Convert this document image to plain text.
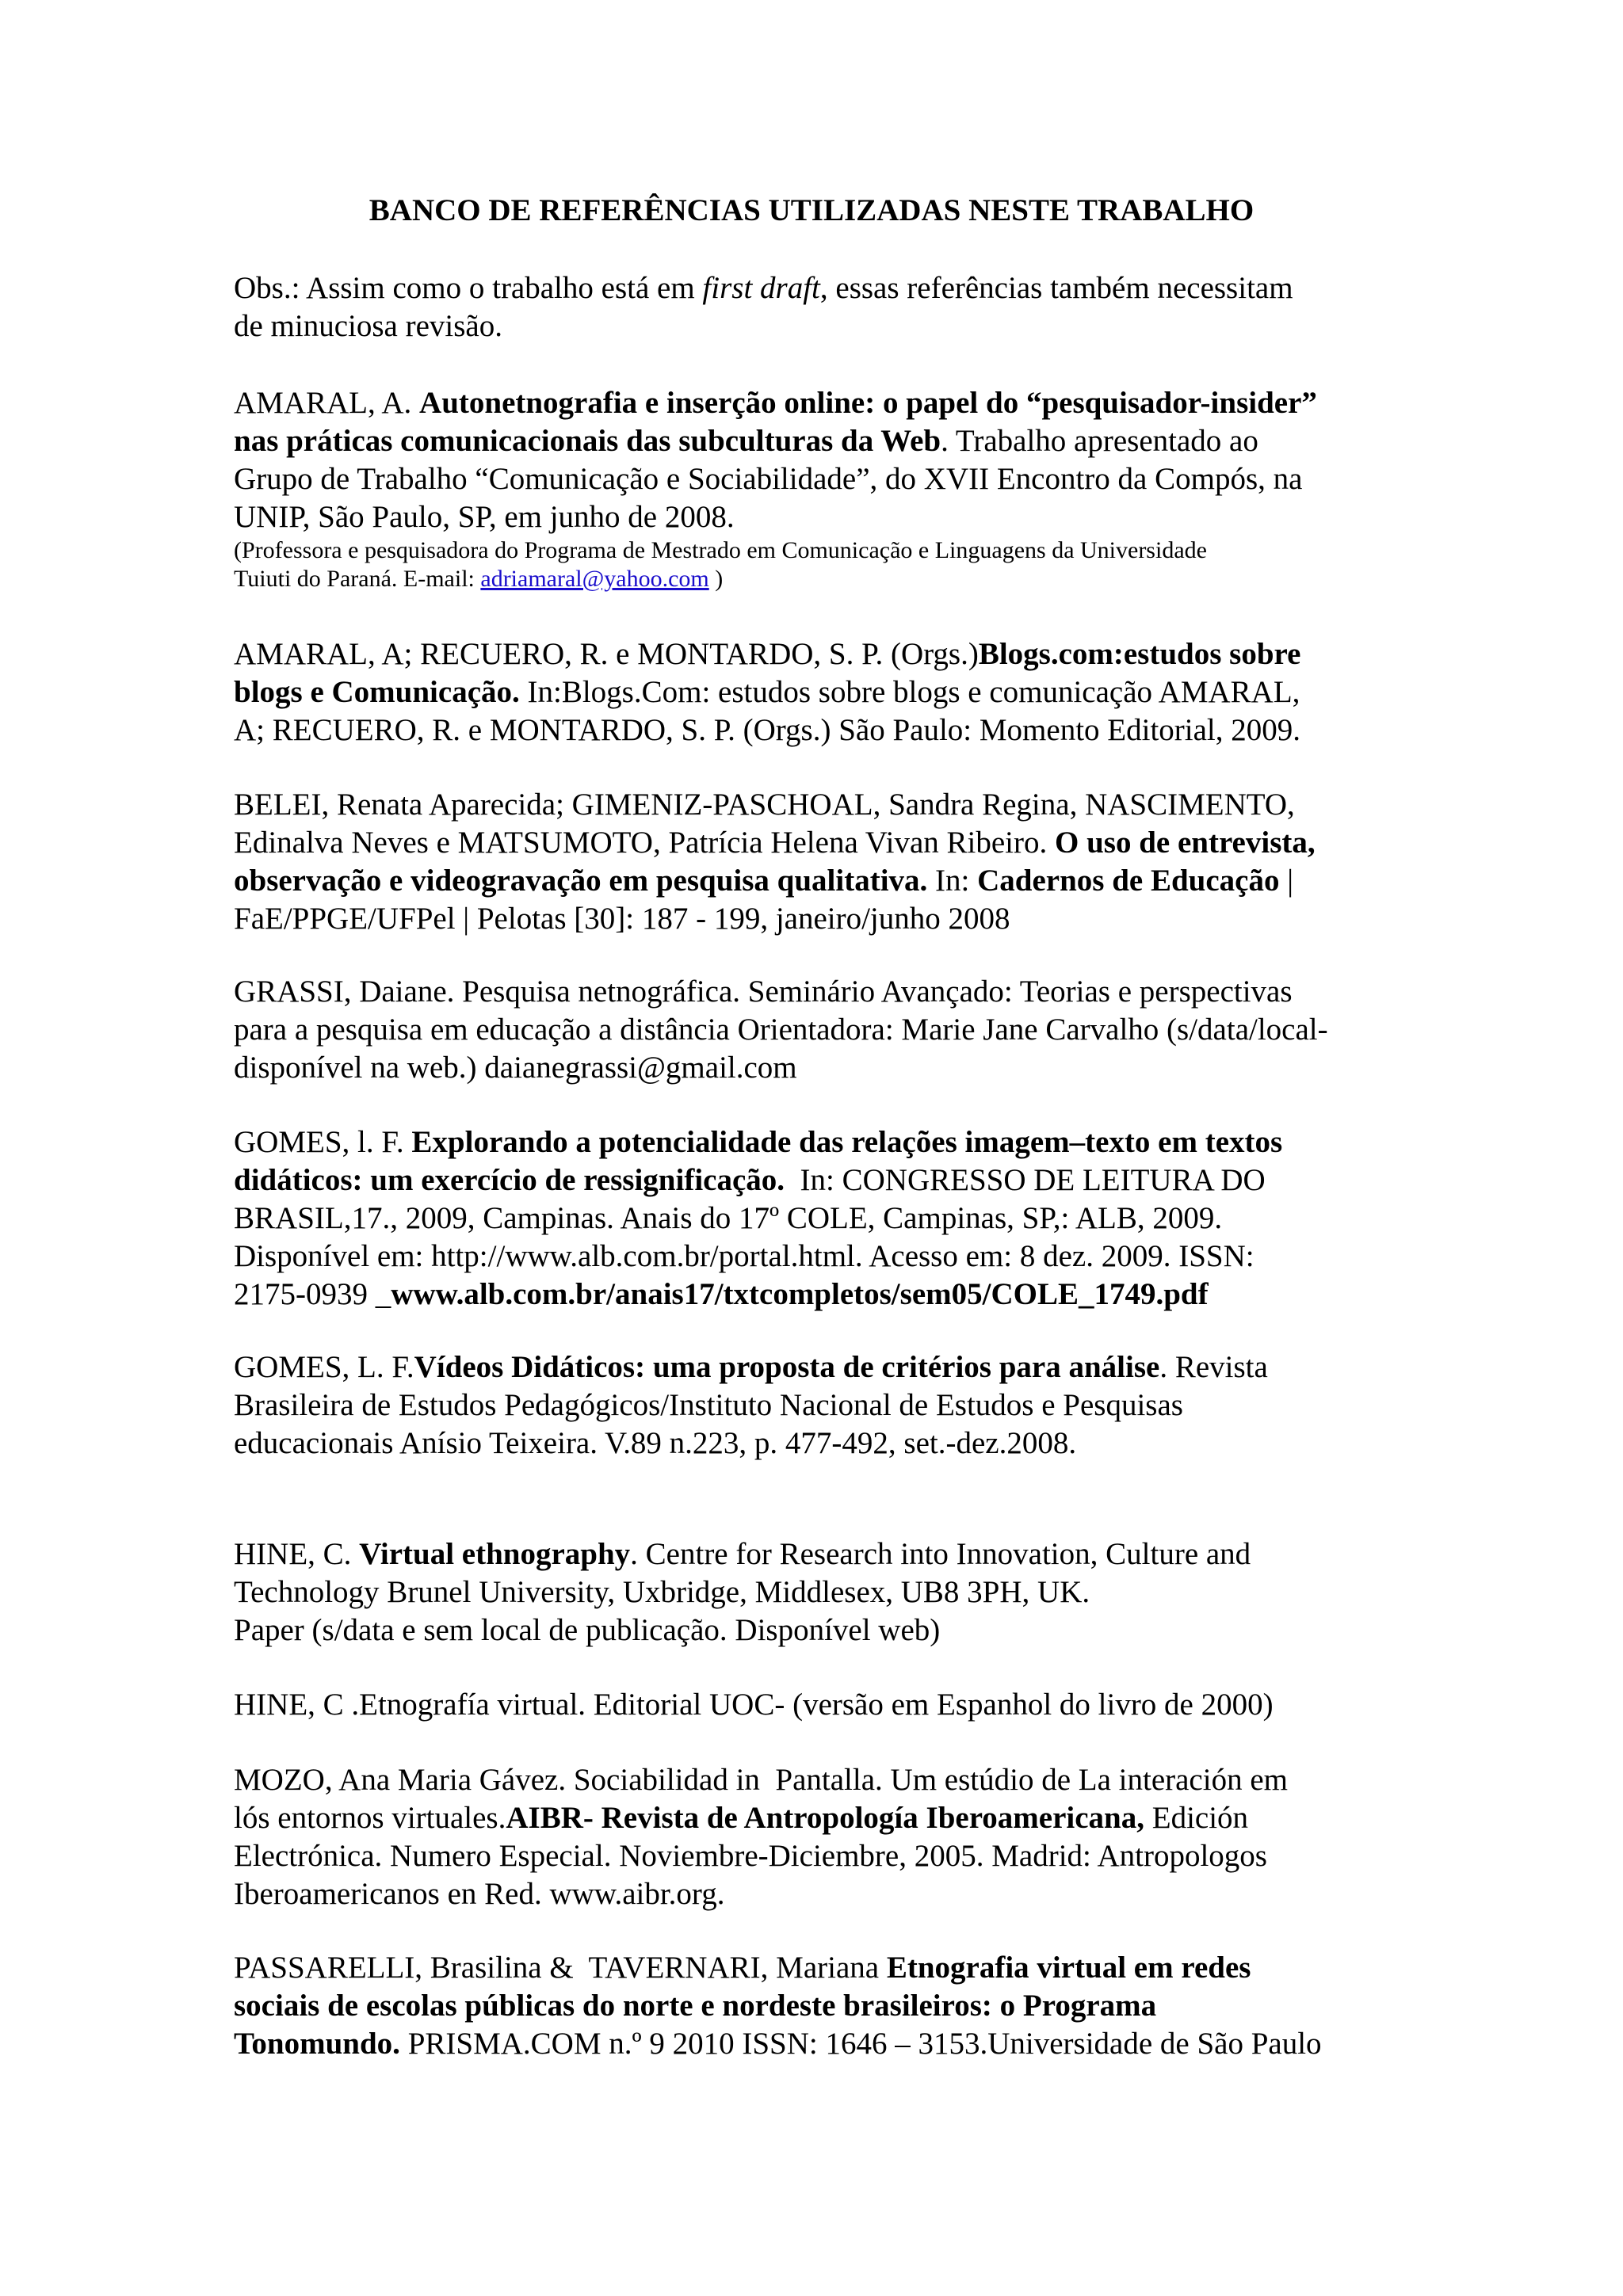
BANCO DE REFERÊNCIAS UTILIZADAS NESTE TRABALHO
Obs.: Assim como o trabalho está em first draft, essas referências também necessitam
de minuciosa revisão.
AMARAL, A. Autonetnografia e inserção online: o papel do “pesquisador-insider”
nas práticas comunicacionais das subculturas da Web. Trabalho apresentado ao
Grupo de Trabalho “Comunicação e Sociabilidade”, do XVII Encontro da Compós, na
UNIP, São Paulo, SP, em junho de 2008.
(Professora e pesquisadora do Programa de Mestrado em Comunicação e Linguagens da Universidade
Tuiuti do Paraná. E-mail: adriamaral@yahoo.com )
AMARAL, A; RECUERO, R. e MONTARDO, S. P. (Orgs.)Blogs.com:estudos sobre
blogs e Comunicação. In:Blogs.Com: estudos sobre blogs e comunicação AMARAL,
A; RECUERO, R. e MONTARDO, S. P. (Orgs.) São Paulo: Momento Editorial, 2009.
BELEI, Renata Aparecida; GIMENIZ-PASCHOAL, Sandra Regina, NASCIMENTO,
Edinalva Neves e MATSUMOTO, Patrícia Helena Vivan Ribeiro. O uso de entrevista,
observação e videogravação em pesquisa qualitativa. In: Cadernos de Educação |
FaE/PPGE/UFPel | Pelotas [30]: 187 - 199, janeiro/junho 2008
GRASSI, Daiane. Pesquisa netnográfica. Seminário Avançado: Teorias e perspectivas
para a pesquisa em educação a distância Orientadora: Marie Jane Carvalho (s/data/local-
disponível na web.) daianegrassi@gmail.com
GOMES, l. F. Explorando a potencialidade das relações imagem–texto em textos
didáticos: um exercício de ressignificação.  In: CONGRESSO DE LEITURA DO
BRASIL,17., 2009, Campinas. Anais do 17º COLE, Campinas, SP,: ALB, 2009.
Disponível em: http://www.alb.com.br/portal.html. Acesso em: 8 dez. 2009. ISSN:
2175-0939 _www.alb.com.br/anais17/txtcompletos/sem05/COLE_1749.pdf
GOMES, L. F.Vídeos Didáticos: uma proposta de critérios para análise. Revista
Brasileira de Estudos Pedagógicos/Instituto Nacional de Estudos e Pesquisas
educacionais Anísio Teixeira. V.89 n.223, p. 477-492, set.-dez.2008.
HINE, C. Virtual ethnography. Centre for Research into Innovation, Culture and
Technology Brunel University, Uxbridge, Middlesex, UB8 3PH, UK.
Paper (s/data e sem local de publicação. Disponível web)
HINE, C .Etnografía virtual. Editorial UOC- (versão em Espanhol do livro de 2000)
MOZO, Ana Maria Gávez. Sociabilidad in  Pantalla. Um estúdio de La interación em
lós entornos virtuales.AIBR- Revista de Antropología Iberoamericana, Edición
Electrónica. Numero Especial. Noviembre-Diciembre, 2005. Madrid: Antropologos
Iberoamericanos en Red. www.aibr.org.
PASSARELLI, Brasilina &  TAVERNARI, Mariana Etnografia virtual em redes
sociais de escolas públicas do norte e nordeste brasileiros: o Programa
Tonomundo. PRISMA.COM n.º 9 2010 ISSN: 1646 – 3153.Universidade de São Paulo
